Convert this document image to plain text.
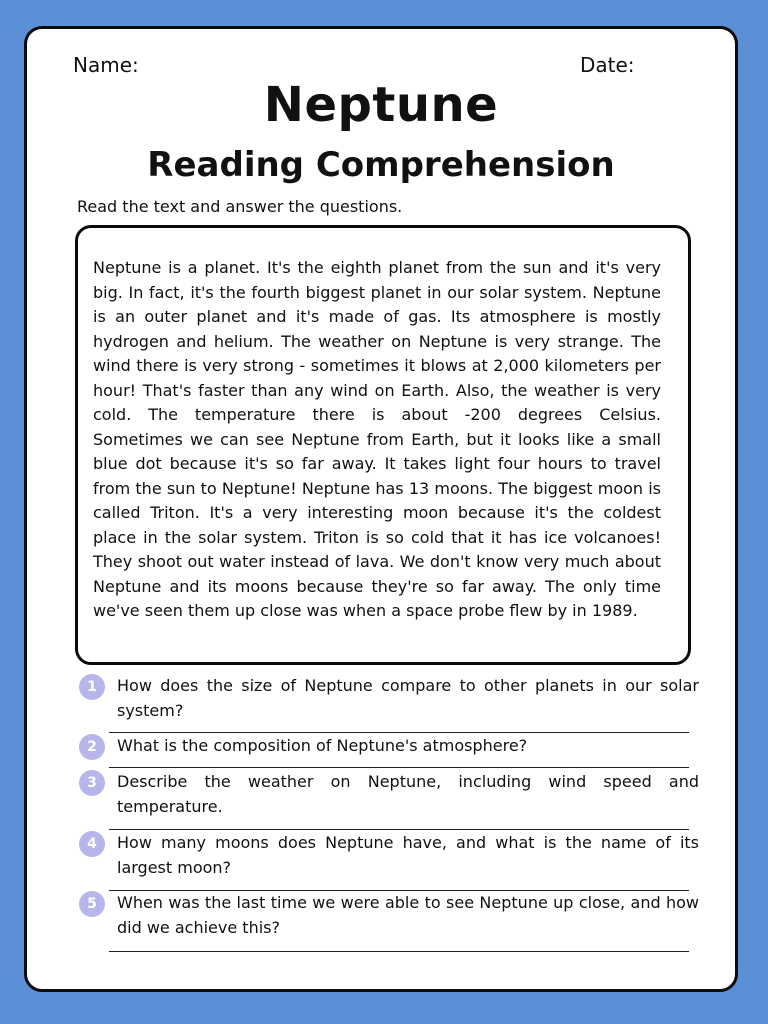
Name:	Date:
Neptune
Reading Comprehension
Read the text and answer the questions.

Neptune is a planet. It's the eighth planet from the sun and it's very big. In fact, it's the fourth biggest planet in our solar system. Neptune is an outer planet and it's made of gas. Its atmosphere is mostly hydrogen and helium. The weather on Neptune is very strange. The wind there is very strong - sometimes it blows at 2,000 kilometers per hour! That's faster than any wind on Earth. Also, the weather is very cold. The temperature there is about -200 degrees Celsius. Sometimes we can see Neptune from Earth, but it looks like a small blue dot because it's so far away. It takes light four hours to travel from the sun to Neptune! Neptune has 13 moons. The biggest moon is called Triton. It's a very interesting moon because it's the coldest place in the solar system. Triton is so cold that it has ice volcanoes! They shoot out water instead of lava. We don't know very much about Neptune and its moons because they're so far away. The only time we've seen them up close was when a space probe flew by in 1989.

1	How does the size of Neptune compare to other planets in our solar system?
2	What is the composition of Neptune's atmosphere?
3	Describe the weather on Neptune, including wind speed and temperature.
4	How many moons does Neptune have, and what is the name of its largest moon?
5	When was the last time we were able to see Neptune up close, and how did we achieve this?
